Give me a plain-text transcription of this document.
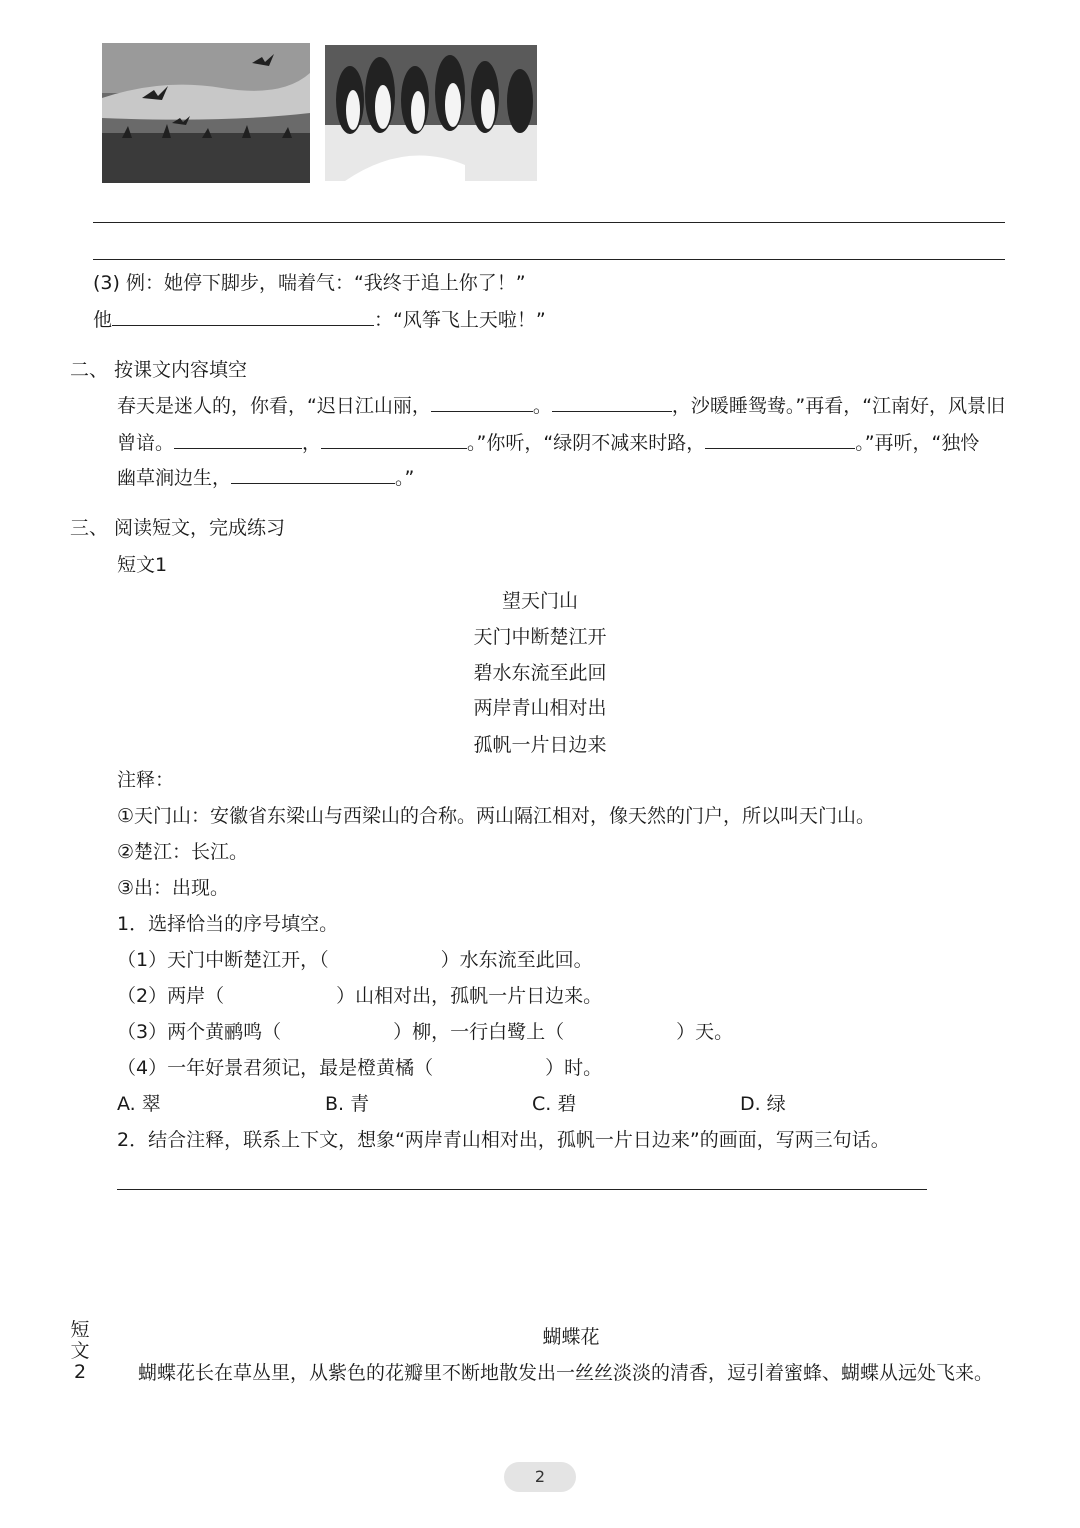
(3) 例：她停下脚步，喘着气：“我终于追上你了！”
他	：“风筝飞上天啦！”
二、 按课文内容填空
春天是迷人的，你看，“迟日江山丽，	。	，沙暖睡鸳鸯。”再看，“江南好，风景旧
曾谙。	，	。”你听，“绿阴不减来时路，	。”再听，“独怜
幽草涧边生，	。”
三、 阅读短文，完成练习
短文1
望天门山
天门中断楚江开
碧水东流至此回
两岸青山相对出
孤帆一片日边来
注释：
①天门山：安徽省东梁山与西梁山的合称。两山隔江相对，像天然的门户，所以叫天门山。
②楚江：长江。
③出：出现。
1．选择恰当的序号填空。
（1）天门中断楚江开，（	）水东流至此回。
（2）两岸（	）山相对出，孤帆一片日边来。
（3）两个黄鹂鸣（	）柳，一行白鹭上（	）天。
（4）一年好景君须记，最是橙黄橘（	）时。
A. 翠	B. 青	C. 碧	D. 绿
2．结合注释，联系上下文，想象“两岸青山相对出，孤帆一片日边来”的画面，写两三句话。
短
文
2
蝴蝶花
蝴蝶花长在草丛里，从紫色的花瓣里不断地散发出一丝丝淡淡的清香，逗引着蜜蜂、蝴蝶从远处飞来。
2
